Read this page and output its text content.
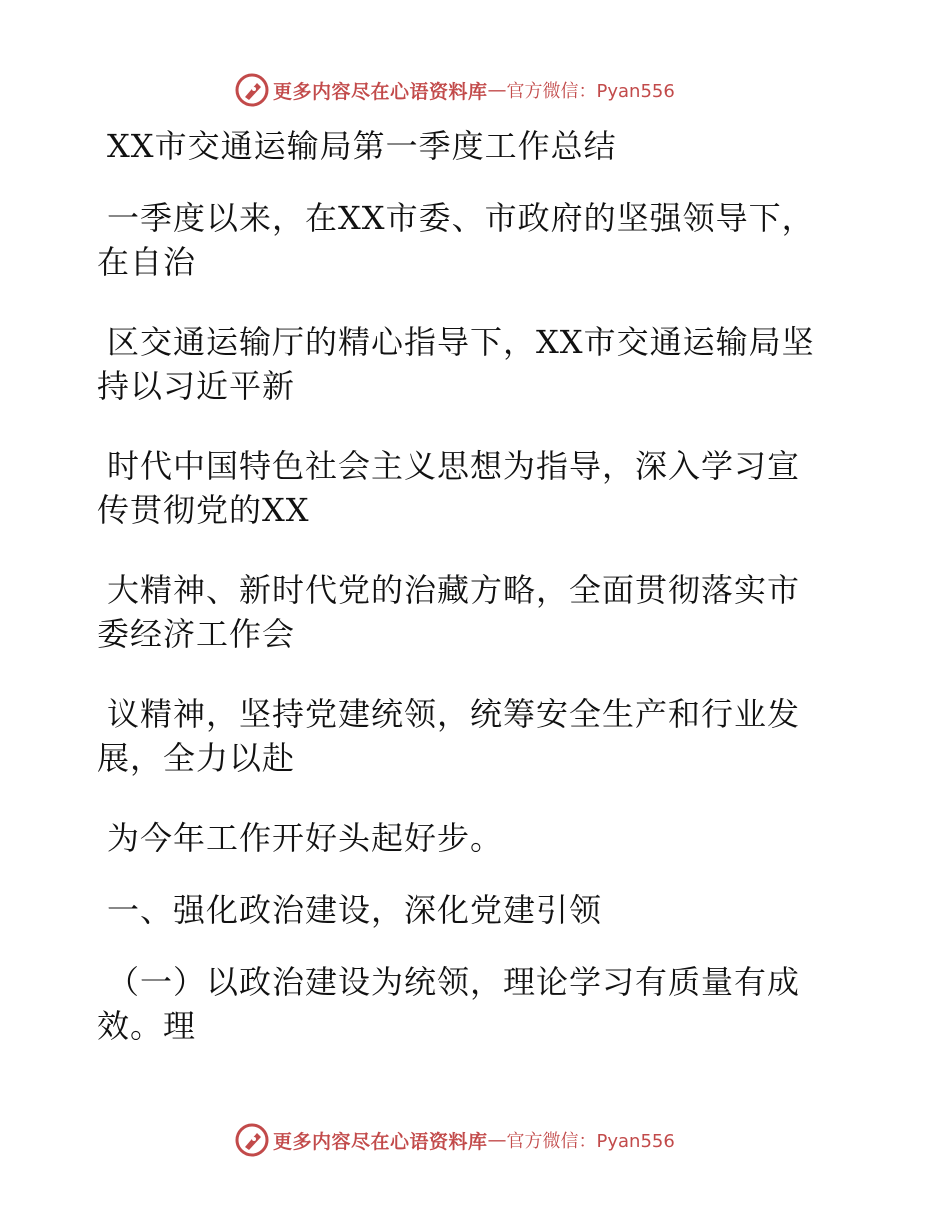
更多内容尽在心语资料库 — 官方微信：Pyan556
XX市交通运输局第一季度工作总结
一季度以来，在XX市委、市政府的坚强领导下，
在自治
区交通运输厅的精心指导下，XX市交通运输局坚
持以习近平新
时代中国特色社会主义思想为指导，深入学习宣
传贯彻党的XX
大精神、新时代党的治藏方略，全面贯彻落实市
委经济工作会
议精神，坚持党建统领，统筹安全生产和行业发
展，全力以赴
为今年工作开好头起好步。
一、强化政治建设，深化党建引领
（一）以政治建设为统领，理论学习有质量有成
效。理
更多内容尽在心语资料库 — 官方微信：Pyan556
